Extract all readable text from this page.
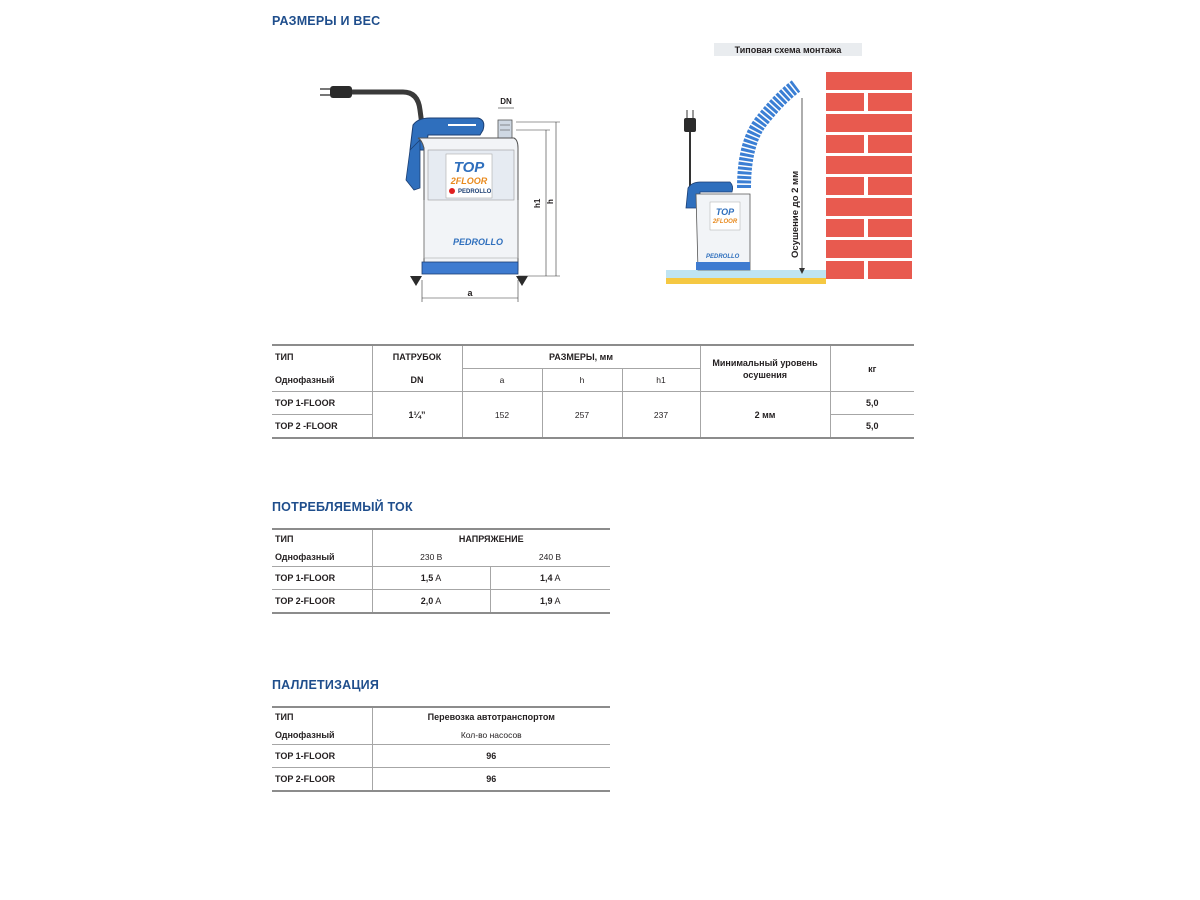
РАЗМЕРЫ И ВЕС
TOP
2FLOOR
PEDROLLO
PEDROLLO
a
DN
h1 h
Типовая схема монтажа
TOP
2FLOOR
PEDROLLO	Осушение до 2 мм
ТИП	ПАТРУБОК	РАЗМЕРЫ, мм			Минимальный уровень осушения	кг
Однофазный	DN	a	h	h1		
TOP 1-FLOOR	1¼”	152	257	237	2 мм	5,0
TOP 2 -FLOOR						5,0
ПОТРЕБЛЯЕМЫЙ ТОК
ТИП	НАПРЯЖЕНИЕ	
Однофазный	230 В	240 В
TOP 1-FLOOR	1,5 A	1,4 A
TOP 2-FLOOR	2,0 A	1,9 A
ПАЛЛЕТИЗАЦИЯ
ТИП	Перевозка автотранспортом
Однофазный	Кол-во насосов
TOP 1-FLOOR	96
TOP 2-FLOOR	96
